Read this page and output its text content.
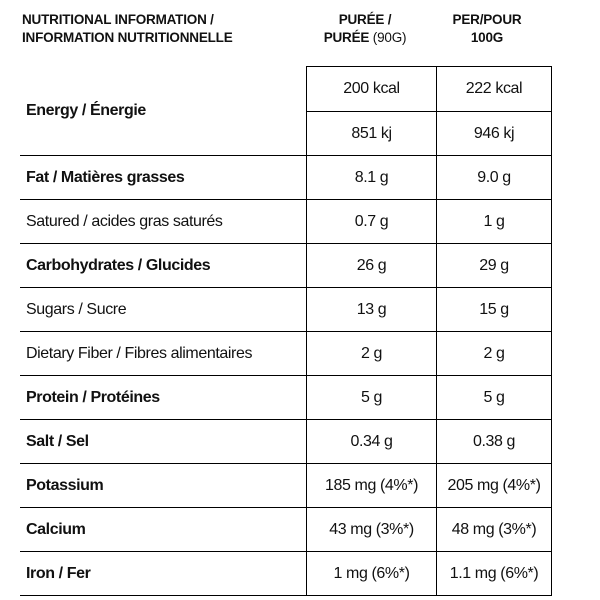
NUTRITIONAL INFORMATION /
INFORMATION NUTRITIONNELLE
PURÉE /
PURÉE (90G)
PER/POUR
100G
Energy / Énergie	200 kcal	222 kcal
	851 kj	946 kj
Fat / Matières grasses	8.1 g	9.0 g
Satured / acides gras saturés	0.7 g	1 g
Carbohydrates / Glucides	26 g	29 g
Sugars / Sucre	13 g	15 g
Dietary Fiber / Fibres alimentaires	2 g	2 g
Protein / Protéines	5 g	5 g
Salt / Sel	0.34 g	0.38 g
Potassium	185 mg (4%*)	205 mg (4%*)
Calcium	43 mg (3%*)	48 mg (3%*)
Iron / Fer	1 mg (6%*)	1.1 mg (6%*)
